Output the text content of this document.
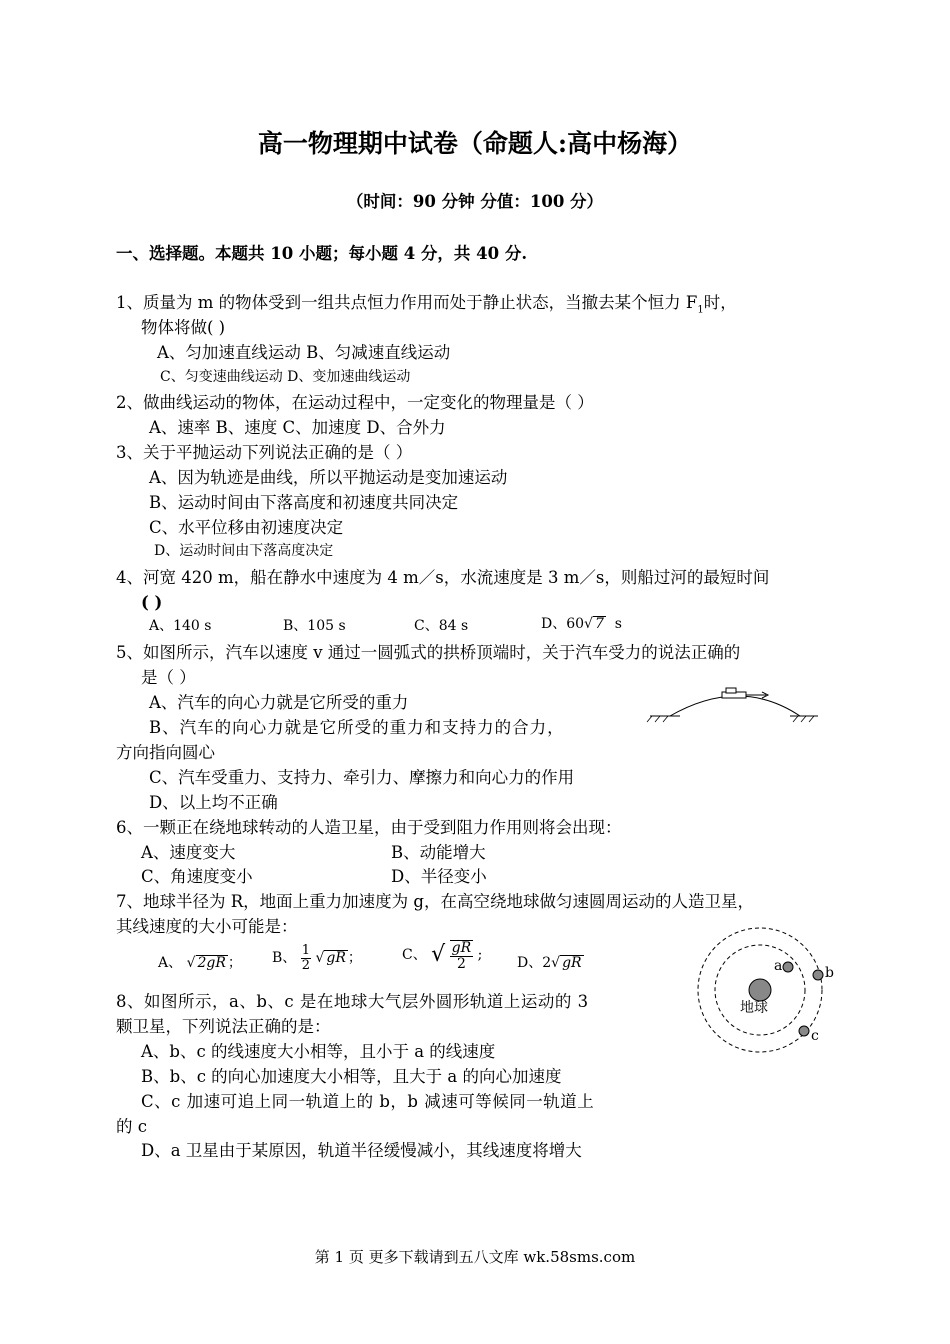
高一物理期中试卷（命题人:高中杨海）
（时间：90 分钟 分值：100 分）
一、选择题。本题共 10 小题；每小题 4 分，共 40 分.
1、质量为 m 的物体受到一组共点恒力作用而处于静止状态，当撤去某个恒力 $F_1$时，
物体将做( )
A、匀加速直线运动 B、匀减速直线运动
C、匀变速曲线运动 D、变加速曲线运动
2、做曲线运动的物体，在运动过程中，一定变化的物理量是（ ）
A、速率 B、速度 C、加速度 D、合外力
3、关于平抛运动下列说法正确的是（ ）
A、因为轨迹是曲线，所以平抛运动是变加速运动
B、运动时间由下落高度和初速度共同决定
C、水平位移由初速度决定
D、运动时间由下落高度决定
4、河宽 420 m，船在静水中速度为 4 m／s，水流速度是 3 m／s，则船过河的最短时间
( )
A、140 s	B、105 s	C、84 s	D、60√ 7 s
5、如图所示，汽车以速度 v 通过一圆弧式的拱桥顶端时，关于汽车受力的说法正确的
是（ ）
A、汽车的向心力就是它所受的重力
B、汽车的向心力就是它所受的重力和支持力的合力，
方向指向圆心
C、汽车受重力、支持力、牵引力、摩擦力和向心力的作用
D、以上均不正确
6、一颗正在绕地球转动的人造卫星，由于受到阻力作用则将会出现：
A、速度变大	B、动能增大
C、角速度变小	D、半径变小
7、地球半径为 R，地面上重力加速度为 g，在高空绕地球做匀速圆周运动的人造卫星，
其线速度的大小可能是：
A、 √ 2gR ； B、 $\frac{1}{2}$ √ gR ；	C、 √ $\frac{gR}{2}$ ; D、2√ gR
地球
a	b
c
8、如图所示，a、b、c 是在地球大气层外圆形轨道上运动的 3
颗卫星，下列说法正确的是：
A、b、c 的线速度大小相等，且小于 a 的线速度
B、b、c 的向心加速度大小相等，且大于 a 的向心加速度
C、c 加速可追上同一轨道上的 b，b 减速可等候同一轨道上
的 c
D、a 卫星由于某原因，轨道半径缓慢减小，其线速度将增大
第 1 页 更多下载请到五八文库 wk.58sms.com
